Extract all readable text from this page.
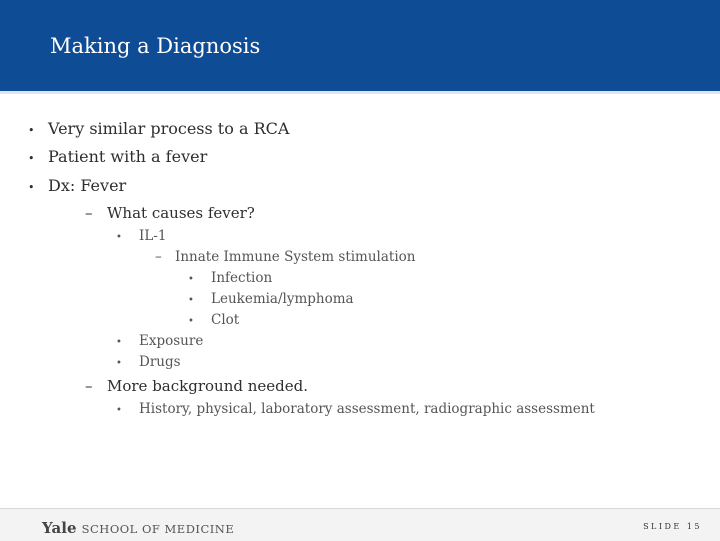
Making a Diagnosis
• Very similar process to a RCA
• Patient with a fever
• Dx: Fever
– What causes fever?
• IL-1
– Innate Immune System stimulation
• Infection
• Leukemia/lymphoma
• Clot
• Exposure
• Drugs
– More background needed.
• History, physical, laboratory assessment, radiographic assessment
Yale SCHOOL OF MEDICINE	SLIDE 15
